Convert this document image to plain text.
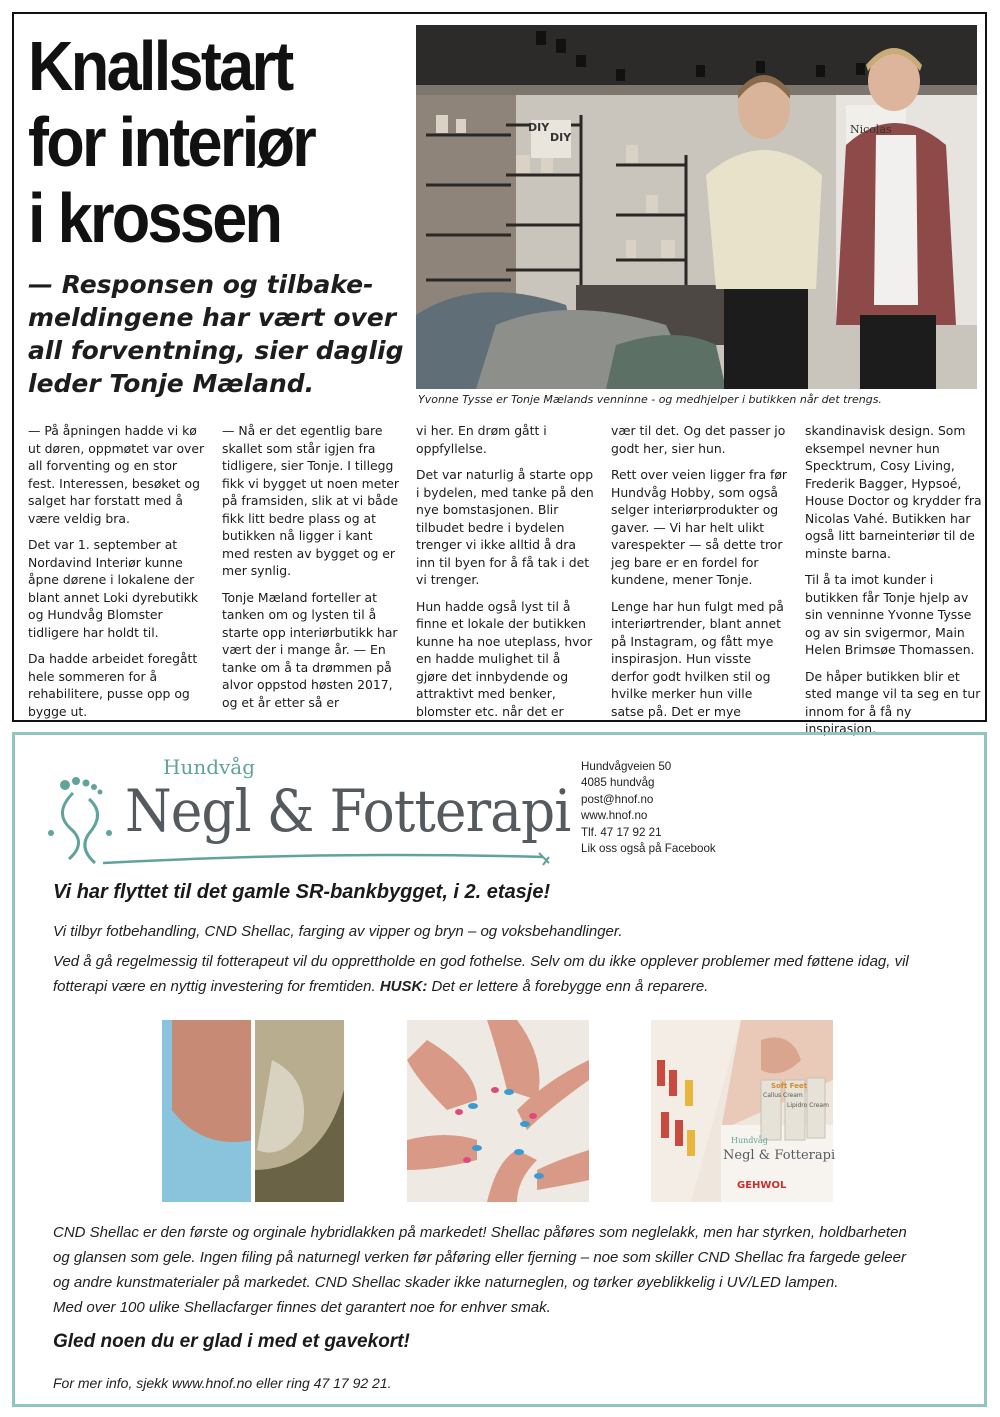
Knallstart
for interiør
i krossen

— Responsen og tilbake-
meldingene har vært over
all forventning, sier daglig
leder Tonje Mæland.

DIY
DIY
Nicolas
Yvonne Tysse er Tonje Mælands venninne - og medhjelper i butikken når det trengs.

— På åpningen hadde vi kø ut døren, oppmøtet var over all forventing og en stor fest. Interessen, besøket og salget har forstatt med å være veldig bra.

Det var 1. september at Nordavind Interiør kunne åpne dørene i lokalene der blant annet Loki dyrebutikk og Hundvåg Blomster tidligere har holdt til.

Da hadde arbeidet foregått hele sommeren for å rehabilitere, pusse opp og bygge ut.

— Nå er det egentlig bare skallet som står igjen fra tidligere, sier Tonje. I tillegg fikk vi bygget ut noen meter på framsiden, slik at vi både fikk litt bedre plass og at butikken nå ligger i kant med resten av bygget og er mer synlig.

Tonje Mæland forteller at tanken om og lysten til å starte opp interiørbutikk har vært der i mange år. — En tanke om å ta drømmen på alvor oppstod høsten 2017, og et år etter så er

vi her. En drøm gått i oppfyllelse.

Det var naturlig å starte opp i bydelen, med tanke på den nye bomstasjonen. Blir tilbudet bedre i bydelen trenger vi ikke alltid å dra inn til byen for å få tak i det vi trenger.

Hun hadde også lyst til å finne et lokale der butikken kunne ha noe uteplass, hvor en hadde mulighet til å gjøre det innbydende og attraktivt med benker, blomster etc. når det er

vær til det. Og det passer jo godt her, sier hun.

Rett over veien ligger fra før Hundvåg Hobby, som også selger interiørprodukter og gaver. — Vi har helt ulikt varespekter — så dette tror jeg bare er en fordel for kundene, mener Tonje.

Lenge har hun fulgt med på interiørtrender, blant annet på Instagram, og fått mye inspirasjon. Hun visste derfor godt hvilken stil og hvilke merker hun ville satse på. Det er mye

skandinavisk design. Som eksempel nevner hun Specktrum, Cosy Living, Frederik Bagger, Hypsoé, House Doctor og krydder fra Nicolas Vahé. Butikken har også litt barneinteriør til de minste barna.

Til å ta imot kunder i butikken får Tonje hjelp av sin venninne Yvonne Tysse og av sin svigermor, Main Helen Brimsøe Thomassen.

De håper butikken blir et sted mange vil ta seg en tur innom for å få ny inspirasjon.

Hundvåg
Negl & Fotterapi
Hundvågveien 50
4085 hundvåg
post@hnof.no
www.hnof.no
Tlf. 47 17 92 21
Lik oss også på Facebook
Vi har flyttet til det gamle SR-bankbygget, i 2. etasje!

Vi tilbyr fotbehandling, CND Shellac, farging av vipper og bryn – og voksbehandlinger.

Ved å gå regelmessig til fotterapeut vil du opprettholde en god fothelse. Selv om du ikke opplever problemer med føttene idag, vil fotterapi være en nyttig investering for fremtiden. HUSK: Det er lettere å forebygge enn å reparere.

Soft Feet
Callus Cream
Lipidro Cream
Hundvåg
Negl & Fotterapi
GEHWOL

CND Shellac er den første og orginale hybridlakken på markedet! Shellac påføres som neglelakk, men har styrken, holdbarheten
og glansen som gele. Ingen filing på naturnegl verken før påføring eller fjerning – noe som skiller CND Shellac fra fargede geleer
og andre kunstmaterialer på markedet. CND Shellac skader ikke naturneglen, og tørker øyeblikkelig i UV/LED lampen.
Med over 100 ulike Shellacfarger finnes det garantert noe for enhver smak.

Gled noen du er glad i med et gavekort!

For mer info, sjekk www.hnof.no eller ring 47 17 92 21.
